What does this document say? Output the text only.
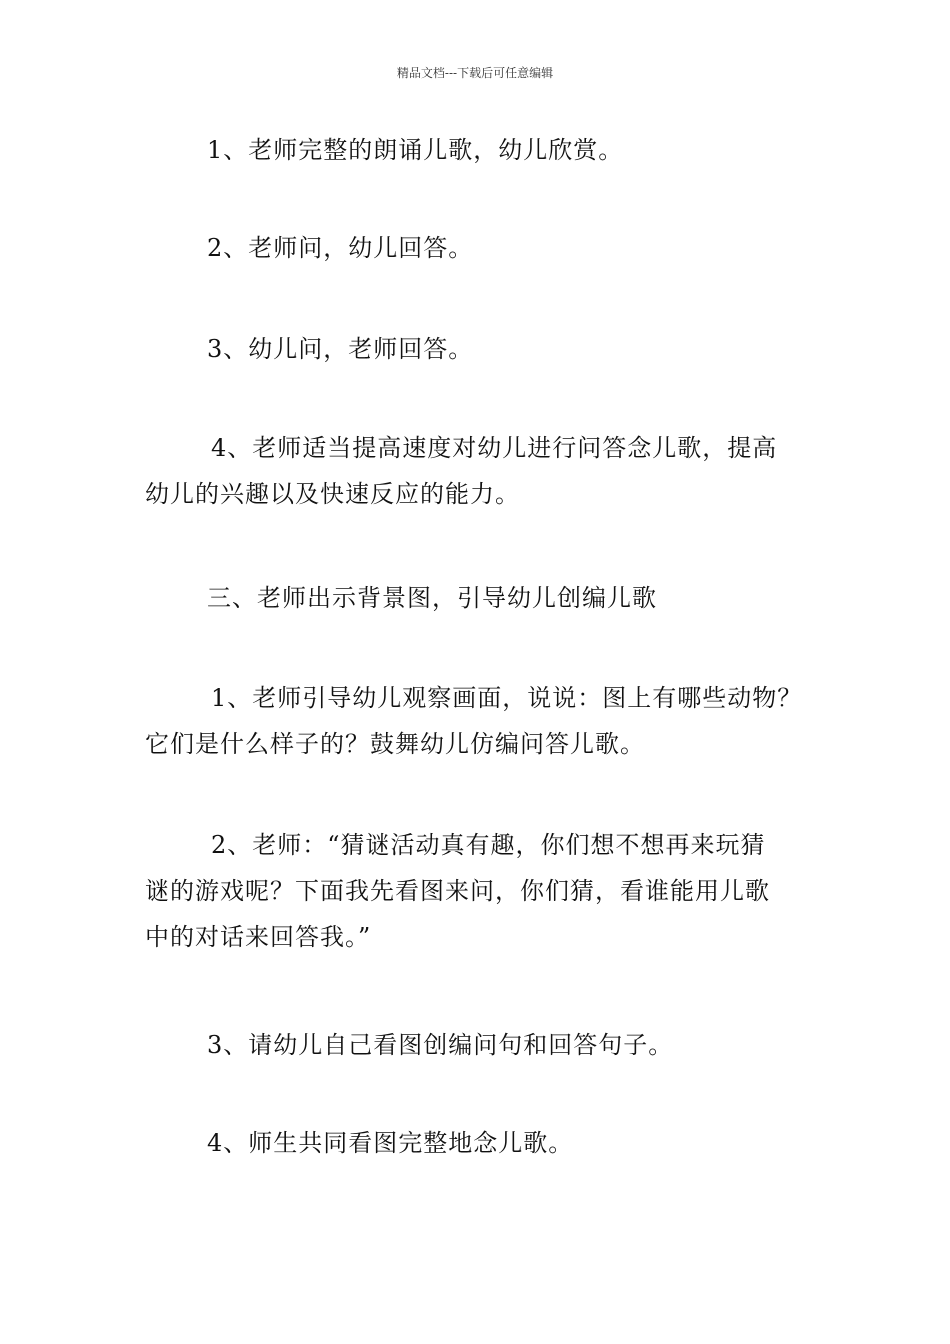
精品文档---下载后可任意编辑
1、老师完整的朗诵儿歌，幼儿欣赏。
2、老师问，幼儿回答。
3、幼儿问，老师回答。
4、老师适当提高速度对幼儿进行问答念儿歌，提高
幼儿的兴趣以及快速反应的能力。
三、老师出示背景图，引导幼儿创编儿歌
1、老师引导幼儿观察画面，说说：图上有哪些动物？
它们是什么样子的？鼓舞幼儿仿编问答儿歌。
2、老师：“猜谜活动真有趣，你们想不想再来玩猜
谜的游戏呢？下面我先看图来问，你们猜，看谁能用儿歌
中的对话来回答我。”
3、请幼儿自己看图创编问句和回答句子。
4、师生共同看图完整地念儿歌。
